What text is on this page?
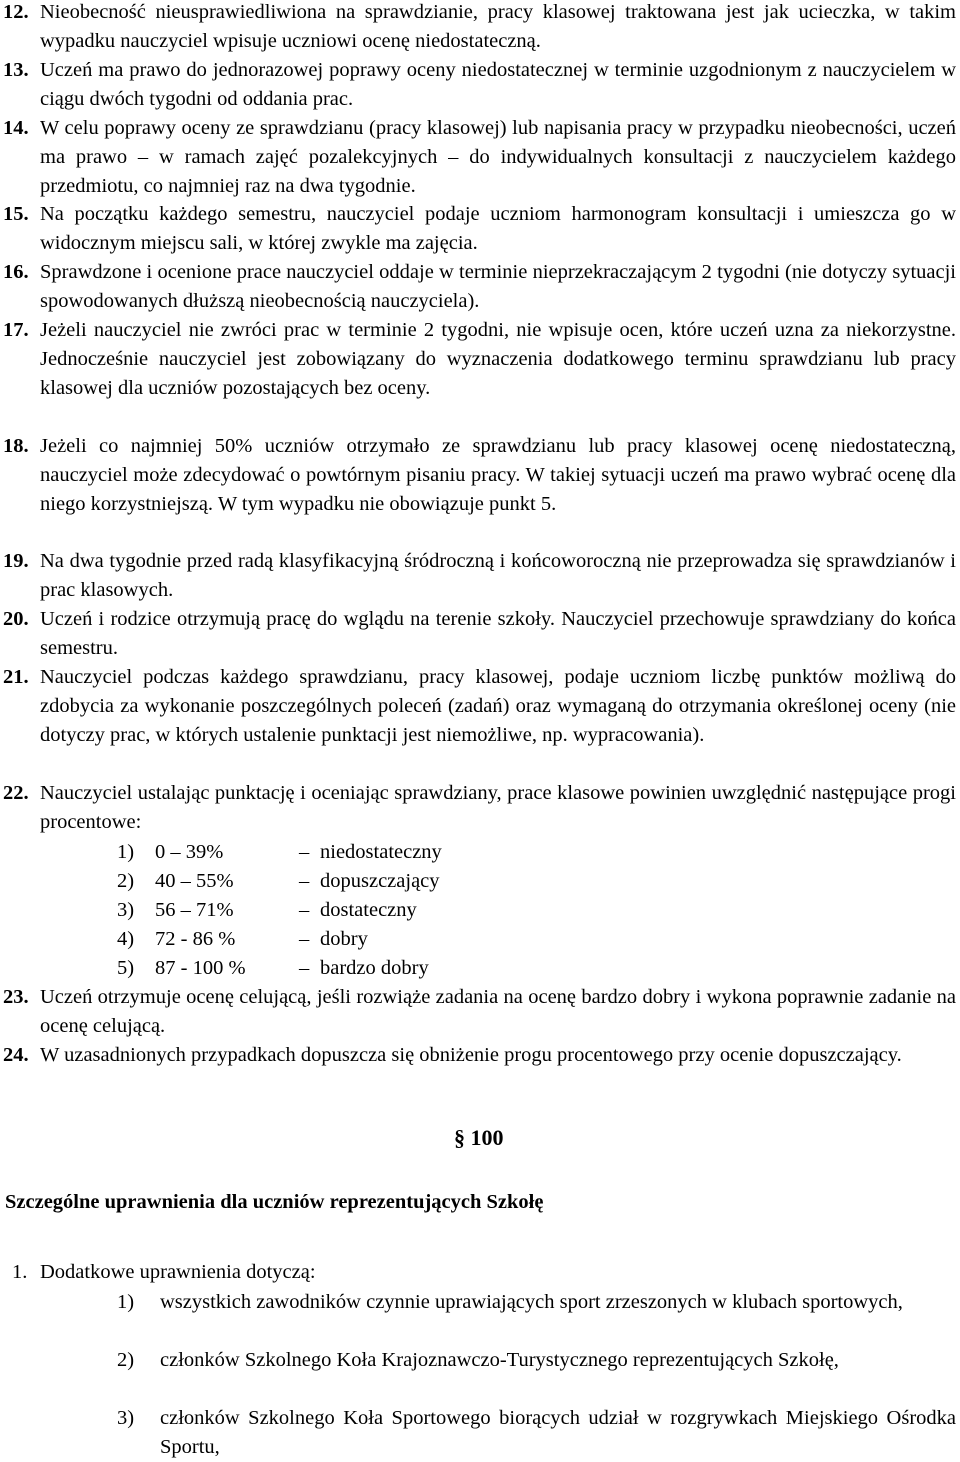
12. Nieobecność nieusprawiedliwiona na sprawdzianie, pracy klasowej traktowana jest jak ucieczka, w takim wypadku nauczyciel wpisuje uczniowi ocenę niedostateczną.
13. Uczeń ma prawo do jednorazowej poprawy oceny niedostatecznej w terminie uzgodnionym z nauczycielem w ciągu dwóch tygodni od oddania prac.
14. W celu poprawy oceny ze sprawdzianu (pracy klasowej) lub napisania pracy w przypadku nieobecności, uczeń ma prawo – w ramach zajęć pozalekcyjnych – do indywidualnych konsultacji z nauczycielem każdego przedmiotu, co najmniej raz na dwa tygodnie.
15. Na początku każdego semestru, nauczyciel podaje uczniom harmonogram konsultacji i umieszcza go w widocznym miejscu sali, w której zwykle ma zajęcia.
16. Sprawdzone i ocenione prace nauczyciel oddaje w terminie nieprzekraczającym 2 tygodni (nie dotyczy sytuacji spowodowanych dłuższą nieobecnością nauczyciela).
17. Jeżeli nauczyciel nie zwróci prac w terminie 2 tygodni, nie wpisuje ocen, które uczeń uzna za niekorzystne. Jednocześnie nauczyciel jest zobowiązany do wyznaczenia dodatkowego terminu sprawdzianu lub pracy klasowej dla uczniów pozostających bez oceny.
18. Jeżeli co najmniej 50% uczniów otrzymało ze sprawdzianu lub pracy klasowej ocenę niedostateczną, nauczyciel może zdecydować o powtórnym pisaniu pracy. W takiej sytuacji uczeń ma prawo wybrać ocenę dla niego korzystniejszą. W tym wypadku nie obowiązuje punkt 5.
19. Na dwa tygodnie przed radą klasyfikacyjną śródroczną i końcoworoczną nie przeprowadza się sprawdzianów i prac klasowych.
20. Uczeń i rodzice otrzymują pracę do wglądu na terenie szkoły. Nauczyciel przechowuje sprawdziany do końca semestru.
21. Nauczyciel podczas każdego sprawdzianu, pracy klasowej, podaje uczniom liczbę punktów możliwą do zdobycia za wykonanie poszczególnych poleceń (zadań) oraz wymaganą do otrzymania określonej oceny (nie dotyczy prac, w których ustalenie punktacji jest niemożliwe, np. wypracowania).
22. Nauczyciel ustalając punktację i oceniając sprawdziany, prace klasowe powinien uwzględnić następujące progi procentowe:
1) 0 – 39%	– niedostateczny
2) 40 – 55%	– dopuszczający
3) 56 – 71%	– dostateczny
4) 72 - 86 %	– dobry
5) 87 - 100 %	– bardzo dobry
23. Uczeń otrzymuje ocenę celującą, jeśli rozwiąże zadania na ocenę bardzo dobry i wykona poprawnie zadanie na ocenę celującą.
24. W uzasadnionych przypadkach dopuszcza się obniżenie progu procentowego przy ocenie dopuszczający.
§ 100
Szczególne uprawnienia dla uczniów reprezentujących Szkołę
1. Dodatkowe uprawnienia dotyczą:
1) wszystkich zawodników czynnie uprawiających sport zrzeszonych w klubach sportowych,
2) członków Szkolnego Koła Krajoznawczo-Turystycznego reprezentujących Szkołę,
3) członków Szkolnego Koła Sportowego biorących udział w rozgrywkach Miejskiego Ośrodka Sportu,
